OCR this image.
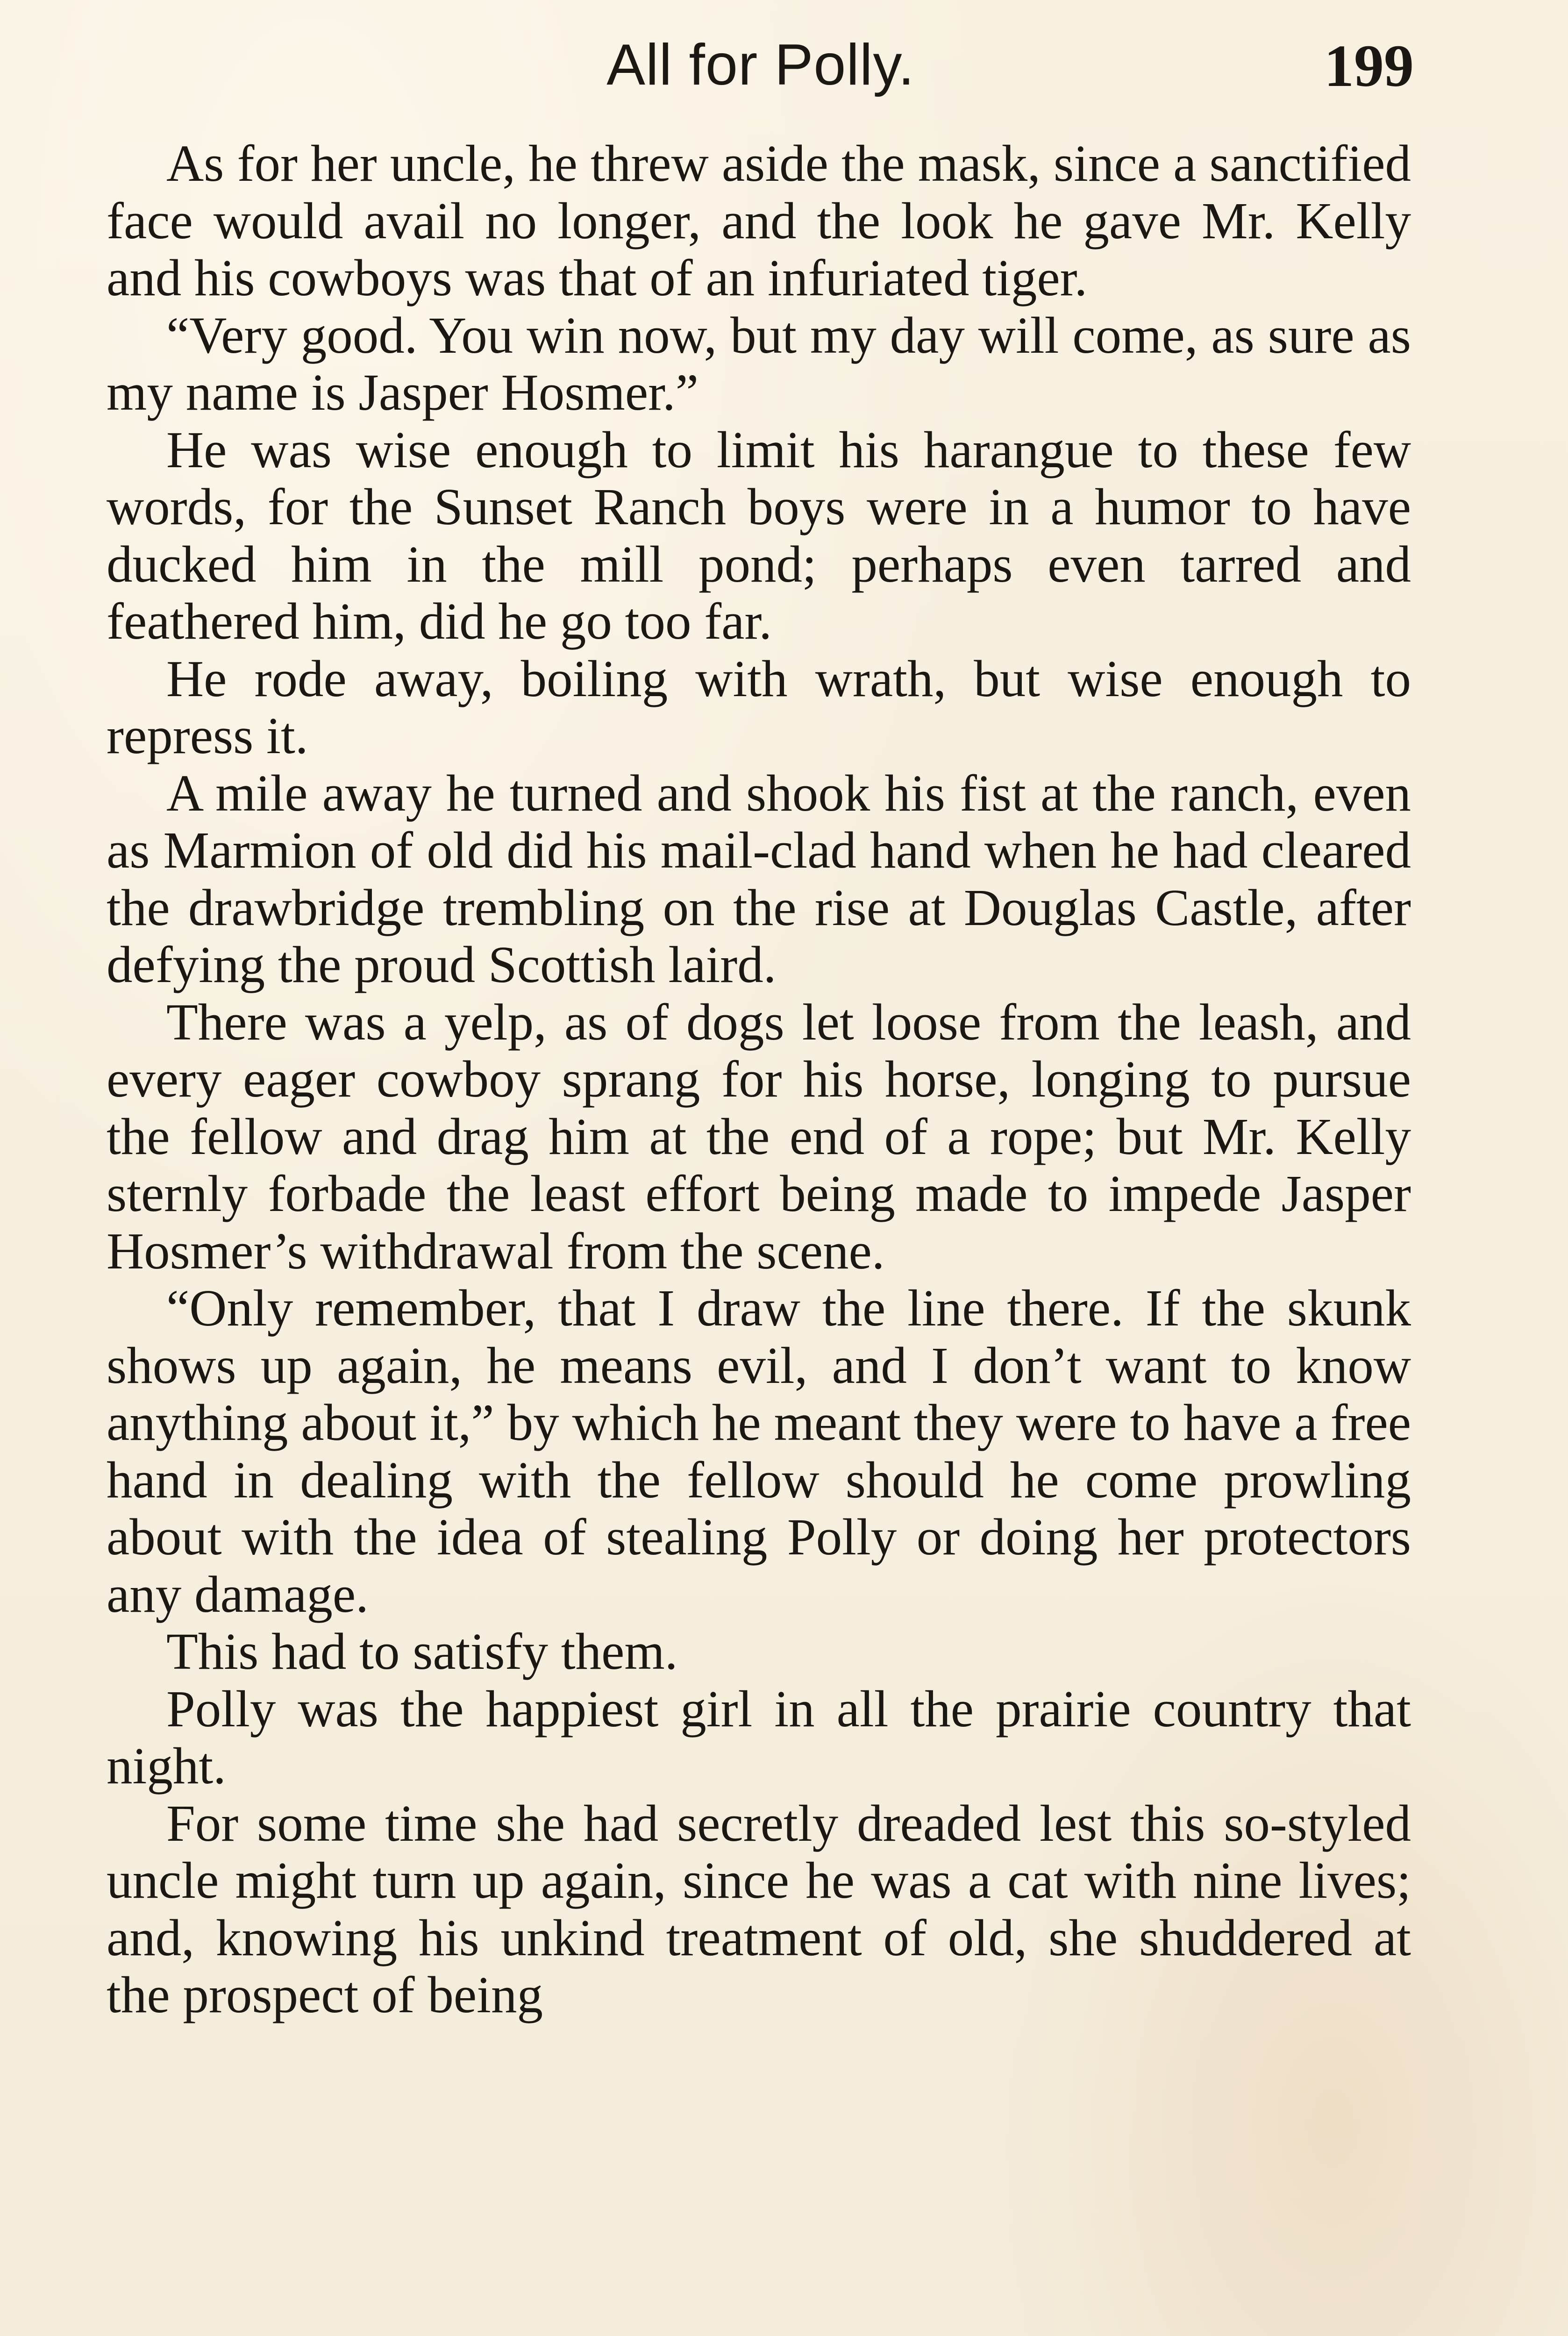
All for Polly.	199

As for her uncle, he threw aside the mask, since a sanctified face would avail no longer, and the look he gave Mr. Kelly and his cowboys was that of an infuriated tiger.

“Very good. You win now, but my day will come, as sure as my name is Jasper Hosmer.”

He was wise enough to limit his harangue to these few words, for the Sunset Ranch boys were in a humor to have ducked him in the mill pond; perhaps even tarred and feathered him, did he go too far.

He rode away, boiling with wrath, but wise enough to repress it.

A mile away he turned and shook his fist at the ranch, even as Marmion of old did his mail-clad hand when he had cleared the drawbridge trembling on the rise at Douglas Castle, after defying the proud Scottish laird.

There was a yelp, as of dogs let loose from the leash, and every eager cowboy sprang for his horse, longing to pursue the fellow and drag him at the end of a rope; but Mr. Kelly sternly forbade the least effort being made to impede Jasper Hosmer’s withdrawal from the scene.

“Only remember, that I draw the line there. If the skunk shows up again, he means evil, and I don’t want to know anything about it,” by which he meant they were to have a free hand in dealing with the fellow should he come prowling about with the idea of stealing Polly or doing her protectors any damage.

This had to satisfy them.

Polly was the happiest girl in all the prairie country that night.

For some time she had secretly dreaded lest this so-styled uncle might turn up again, since he was a cat with nine lives; and, knowing his unkind treatment of old, she shuddered at the prospect of being
